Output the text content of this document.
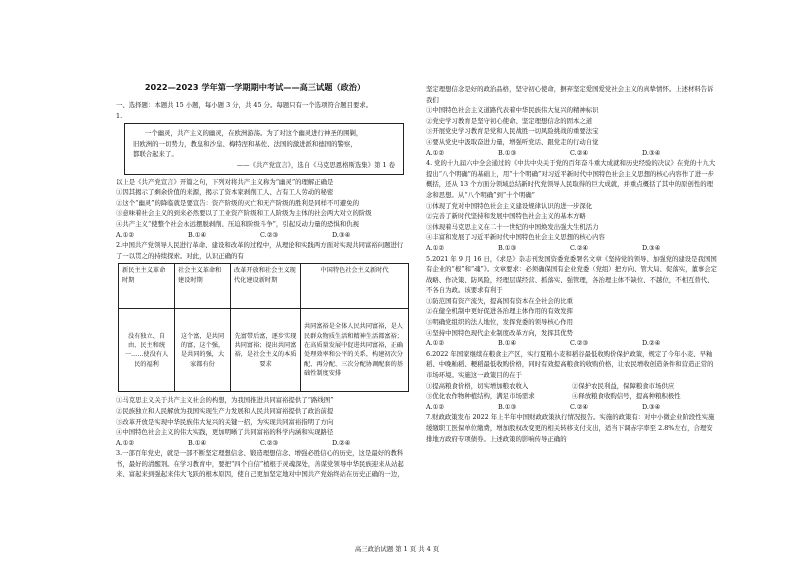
2022—2023 学年第一学期期中考试——高三试题（政治）

一、选择题：本题共 15 小题，每小题 3 分，共 45 分。每题只有一个选项符合题目要求。

1.

一个幽灵，共产主义的幽灵，在欧洲游荡。为了对这个幽灵进行神圣的围剿，

旧欧洲的一切势力，教皇和沙皇、梅特涅和基佐、法国的激进派和德国的警察，

都联合起来了。

——《共产党宣言》，选自《马克思恩格斯选集》第 1 卷

以上是《共产党宣言》开篇之句，下列对将共产主义称为“幽灵”的理解正确是

①因其揭示了剩余价值的来源，揭示了资本家剥削工人、占有工人劳动的秘密

②这个“幽灵”的降临就是要宣告：资产阶级的灭亡和无产阶级的胜利是同样不可避免的

③意味着社会主义的到来必然要以了工业资产阶级和工人阶级为主体的社会两大对立的阶级

④共产主义“使整个社会永远摆脱剥削、压迫和阶级斗争”，引起反动力量的恐惧和仇视

A.①②	B.①④	C.②③	D.③④

2.中国共产党领导人民进行革命、建设和改革的过程中，从理论和实践两方面对实现共同富裕问题进行了一以贯之的持续探索。对此，认识正确的有

新民主主义革命时期	社会主义革命和建设时期	改革开放和社会主义现代化建设新时期	中国特色社会主义新时代
没有独立、自由、民主和统一……使没有人民的福利	这个富，是共同的富，这个强，是共同的强，大家都有份	先富带后富，逐步实现共同富裕；提出共同富裕，是社会主义的本质要求	共同富裕是全体人民共同富裕，是人民群众物质生活和精神生活都富裕；在高质量发展中促进共同富裕，正确处理效率和公平的关系，构建初次分配、再分配、三次分配协调配套的基础性制度安排

①马克思主义关于共产主义社会的构想，为我国推进共同富裕提供了“路线图”

②民族独立和人民解放为我国实现生产力发展和人民共同富裕提供了政治前提

③改革开放是实现中华民族伟大复兴的关键一招，为实现共同富裕指明了方向

④中国特色社会主义的伟大实践，更加明晰了共同富裕的科学内涵和实现路径

A.①②	B.①④	C.②③	D.②④

3.一部百年党史，就是一部不断坚定理想信念、锻造理想信念、增强必胜信心的历史，这是最好的教科书，最好的清醒剂。在学习教育中，要把“四个自信”植根于灵魂深处，善谋党领导中华民族迎来从站起来、富起来到强起来伟大飞跃的根本原因，使自己更加坚定地对中国共产党始终站在历史正确的一边，

坚定理想信念是好的政治品格，坚守初心使命，摒弃坚定爱国爱党社会主义的真挚情怀。上述材料告诉我们

①中国特色社会主义道路代表着中华民族伟大复兴的精神标识

②党史学习教育是坚守初心使命、坚定理想信念的固本之道

③开展党史学习教育是党和人民战胜一切风险挑战的重要法宝

④要从党史中汲取奋进力量，增强听党话、跟党走的行动自觉

A.①②	B.①③	C.②④	D.③④

4. 党的十九届六中全会通过的《中共中央关于党的百年奋斗重大成就和历史经验的决议》在党的十九大提出“八个明确”的基础上，用“十个明确”对习近平新时代中国特色社会主义思想的核心内容作了进一步概括，还从 13 个方面分领域总结新时代党领导人民取得的巨大成就，并重点概括了其中的原创性的理念和思想。从“八个明确”到“十个明确”

①体现了党对中国特色社会主义建设规律认识的进一步深化

②完善了新时代坚持和发展中国特色社会主义的基本方略

③体现着马克思主义在二十一世纪的中国焕发出强大生机活力

④丰富和发展了习近平新时代中国特色社会主义思想的核心内容

A.①②	B.①③	C.②④	D.③④

5.2021 年 9 月 16 日，《求是》杂志刊发国资委党委署名文章《坚持党的领导、加强党的建设是我国国有企业的“根”和“魂”》。文章要求：必须确保国有企业党委（党组）把方向、管大局、促落实，董事会定战略、作决策、防风险，经理层谋经营、抓落实、强管理，各治理主体不缺位、不越位，不相互替代、不各自为政。该要求有利于

①防范国有资产流失，提高国有资本在全社会的比重

②在健全机制中更好促进各治理主体作用的有效发挥

③明确党组织的法人地位，发挥党委的领导核心作用

④坚持中国特色现代企业制度改革方向，发挥其优势

A.①②	B.①④	C.②③	D.②④

6.2022 年国家继续在粮食主产区，实行夏粮小麦和稻谷最低收购价保护政策，规定了今年小麦、早籼稻、中晚籼稻、粳稻最低收购价格，同时有效提高粮食的收购价格，让农民增收创造条件和营造正常的市场环境。实施这一政策目的在于

①提高粮食价格，切实增加粮农收入	②保护农民利益，保障粮食市场供应
③优化农作物种植结构，满足市场需求	④释放粮食收购信号，提高种粮积极性
A.①②	B.①③	C.②④	D.③④

7.财政政策发布 2022 年上半年中国财政政策执行情况报告。实施的政策有：对中小微企业阶段性实施缓缴职工医保单位缴费，增加股权改变更的相关转移支付支出，适当下调赤字率至 2.8%左右，合理安排地方政府专项债券。上述政策的影响传导正确的

高三政治试题 第 1 页 共 4 页
